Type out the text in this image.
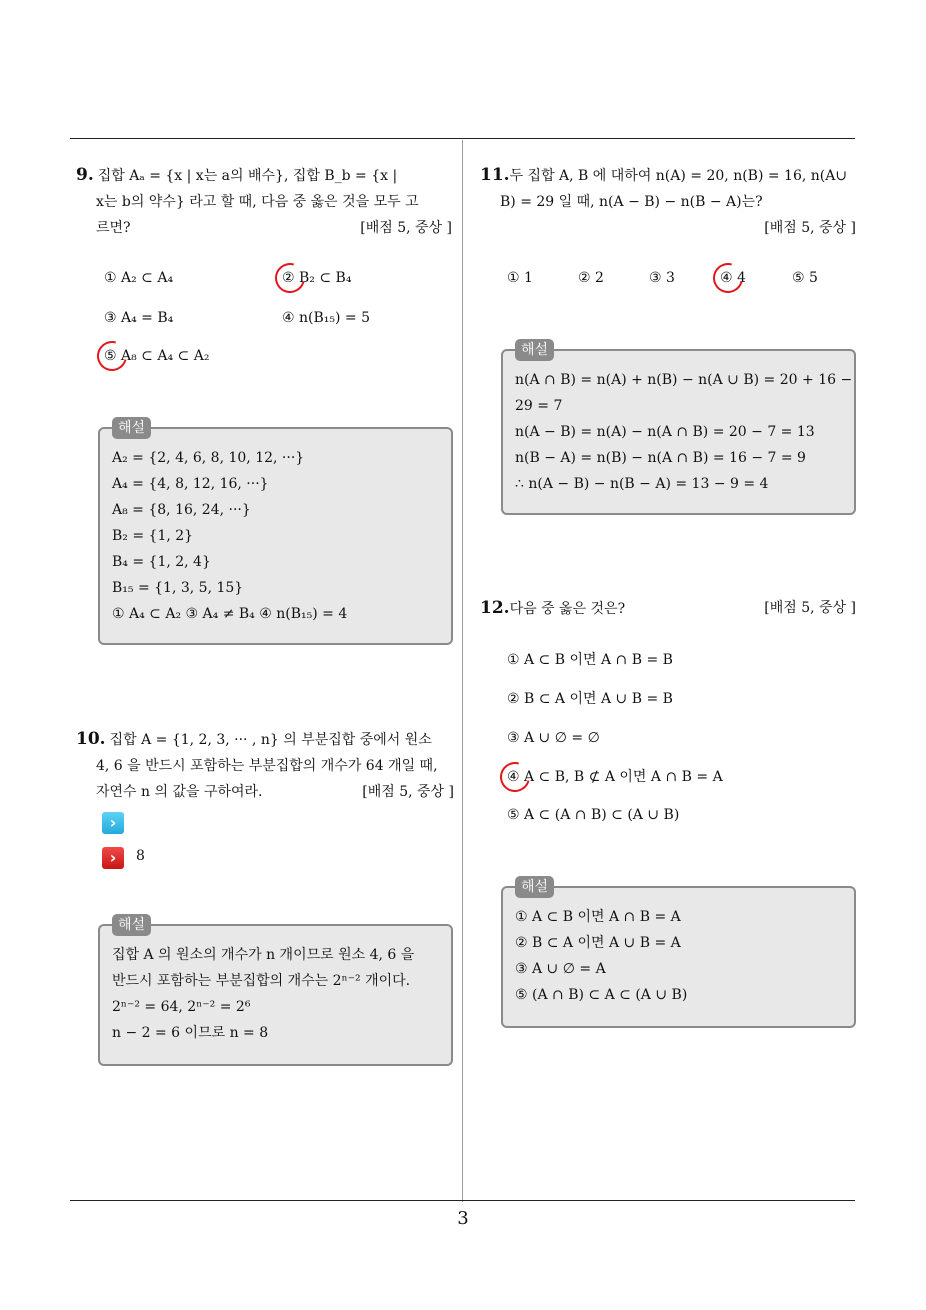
3

9. 집합 Aₐ = {x | x는 a의 배수}, 집합 B_b = {x |

x는 b의 약수} 라고 할 때, 다음 중 옳은 것을 모두 고

르면?	[배점 5, 중상 ]

① A₂ ⊂ A₄	② B₂ ⊂ B₄
③ A₄ = B₄	④ n(B₁₅) = 5
⑤ A₈ ⊂ A₄ ⊂ A₂
해설
A₂ = {2, 4, 6, 8, 10, 12, ···}
A₄ = {4, 8, 12, 16, ···}
A₈ = {8, 16, 24, ···}
B₂ = {1, 2}
B₄ = {1, 2, 4}
B₁₅ = {1, 3, 5, 15}
① A₄ ⊂ A₂ ③ A₄ ≠ B₄ ④ n(B₁₅) = 4

10. 집합 A = {1, 2, 3, ··· , n} 의 부분집합 중에서 원소

4, 6 을 반드시 포함하는 부분집합의 개수가 64 개일 때,

자연수 n 의 값을 구하여라.	[배점 5, 중상 ]

›
›	8
해설
집합 A 의 원소의 개수가 n 개이므로 원소 4, 6 을
반드시 포함하는 부분집합의 개수는 2ⁿ⁻² 개이다.
2ⁿ⁻² = 64, 2ⁿ⁻² = 2⁶
n − 2 = 6 이므로 n = 8

11.두 집합 A, B 에 대하여 n(A) = 20, n(B) = 16, n(A∪

B) = 29 일 때, n(A − B) − n(B − A)는?

[배점 5, 중상 ]

① 1	② 2	③ 3	④ 4	⑤ 5
해설
n(A ∩ B) = n(A) + n(B) − n(A ∪ B) = 20 + 16 −
29 = 7
n(A − B) = n(A) − n(A ∩ B) = 20 − 7 = 13
n(B − A) = n(B) − n(A ∩ B) = 16 − 7 = 9
∴ n(A − B) − n(B − A) = 13 − 9 = 4

12.다음 중 옳은 것은?	[배점 5, 중상 ]

① A ⊂ B 이면 A ∩ B = B
② B ⊂ A 이면 A ∪ B = B
③ A ∪ ∅ = ∅
④ A ⊂ B, B ⊄ A 이면 A ∩ B = A
⑤ A ⊂ (A ∩ B) ⊂ (A ∪ B)
해설
① A ⊂ B 이면 A ∩ B = A
② B ⊂ A 이면 A ∪ B = A
③ A ∪ ∅ = A
⑤ (A ∩ B) ⊂ A ⊂ (A ∪ B)
